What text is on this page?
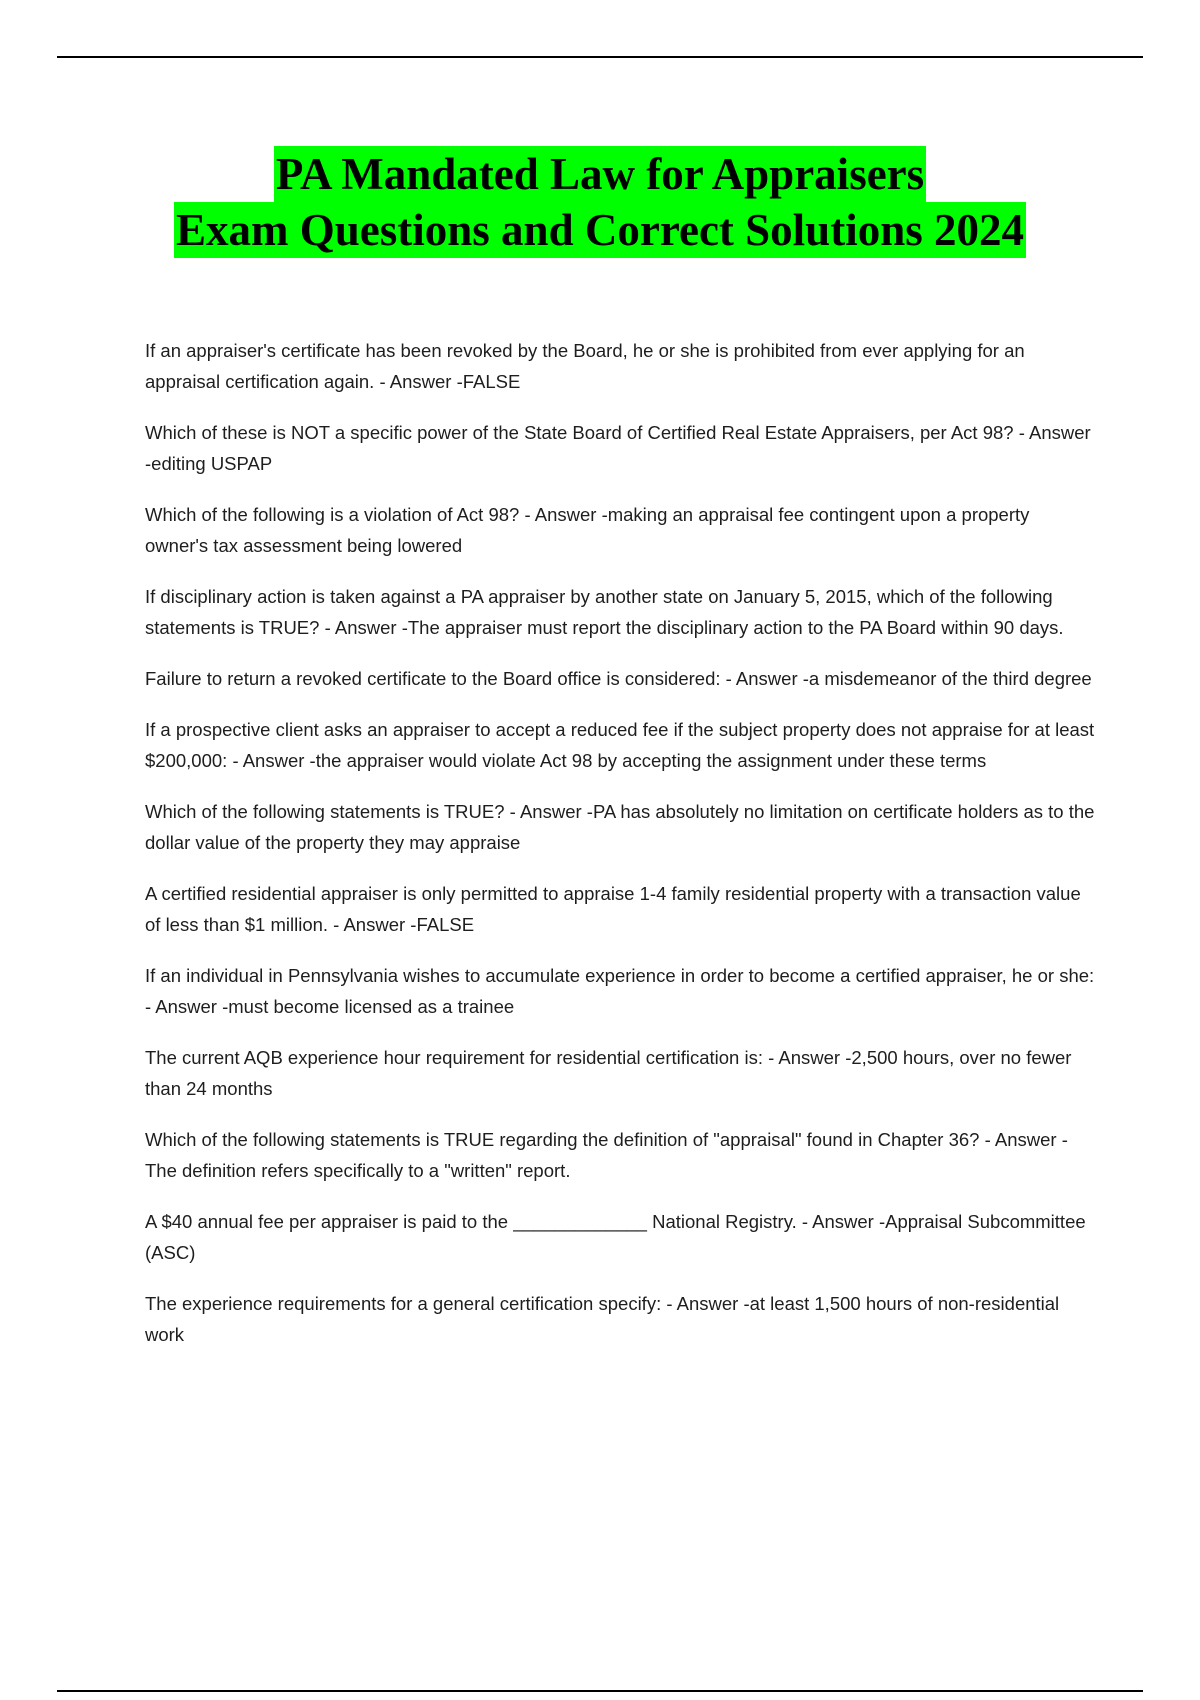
PA Mandated Law for Appraisers
Exam Questions and Correct Solutions 2024
If an appraiser's certificate has been revoked by the Board, he or she is prohibited from ever applying for an appraisal certification again. - Answer -FALSE
Which of these is NOT a specific power of the State Board of Certified Real Estate Appraisers, per Act 98? - Answer -editing USPAP
Which of the following is a violation of Act 98? - Answer -making an appraisal fee contingent upon a property owner's tax assessment being lowered
If disciplinary action is taken against a PA appraiser by another state on January 5, 2015, which of the following statements is TRUE? - Answer -The appraiser must report the disciplinary action to the PA Board within 90 days.
Failure to return a revoked certificate to the Board office is considered: - Answer -a misdemeanor of the third degree
If a prospective client asks an appraiser to accept a reduced fee if the subject property does not appraise for at least $200,000: - Answer -the appraiser would violate Act 98 by accepting the assignment under these terms
Which of the following statements is TRUE? - Answer -PA has absolutely no limitation on certificate holders as to the dollar value of the property they may appraise
A certified residential appraiser is only permitted to appraise 1-4 family residential property with a transaction value of less than $1 million. - Answer -FALSE
If an individual in Pennsylvania wishes to accumulate experience in order to become a certified appraiser, he or she: - Answer -must become licensed as a trainee
The current AQB experience hour requirement for residential certification is: - Answer -2,500 hours, over no fewer than 24 months
Which of the following statements is TRUE regarding the definition of "appraisal" found in Chapter 36? - Answer -The definition refers specifically to a "written" report.
A $40 annual fee per appraiser is paid to the _____________ National Registry. - Answer -Appraisal Subcommittee (ASC)
The experience requirements for a general certification specify: - Answer -at least 1,500 hours of non-residential work
